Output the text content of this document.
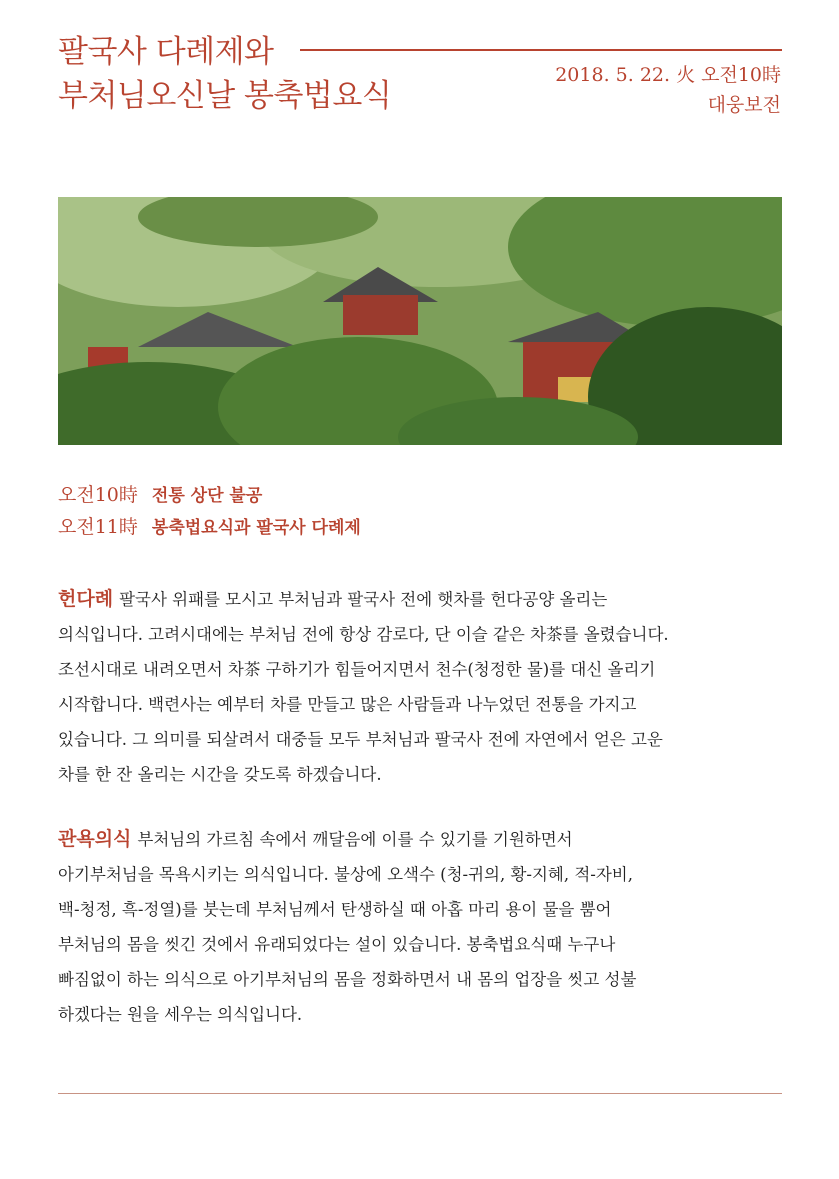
팔국사 다례제와
부처님오신날 봉축법요식
2018. 5. 22. 火 오전10時
대웅보전
오전10時 전통 상단 불공
오전11時 봉축법요식과 팔국사 다례제
헌다례 팔국사 위패를 모시고 부처님과 팔국사 전에 햇차를 헌다공양 올리는
의식입니다. 고려시대에는 부처님 전에 항상 감로다, 단 이슬 같은 차茶를 올렸습니다.
조선시대로 내려오면서 차茶 구하기가 힘들어지면서 천수(청정한 물)를 대신 올리기
시작합니다. 백련사는 예부터 차를 만들고 많은 사람들과 나누었던 전통을 가지고
있습니다. 그 의미를 되살려서 대중들 모두 부처님과 팔국사 전에 자연에서 얻은 고운
차를 한 잔 올리는 시간을 갖도록 하겠습니다.
관욕의식 부처님의 가르침 속에서 깨달음에 이를 수 있기를 기원하면서
아기부처님을 목욕시키는 의식입니다. 불상에 오색수 (청-귀의, 황-지혜, 적-자비,
백-청정, 흑-정열)를 붓는데 부처님께서 탄생하실 때 아홉 마리 용이 물을 뿜어
부처님의 몸을 씻긴 것에서 유래되었다는 설이 있습니다. 봉축법요식때 누구나
빠짐없이 하는 의식으로 아기부처님의 몸을 정화하면서 내 몸의 업장을 씻고 성불
하겠다는 원을 세우는 의식입니다.
